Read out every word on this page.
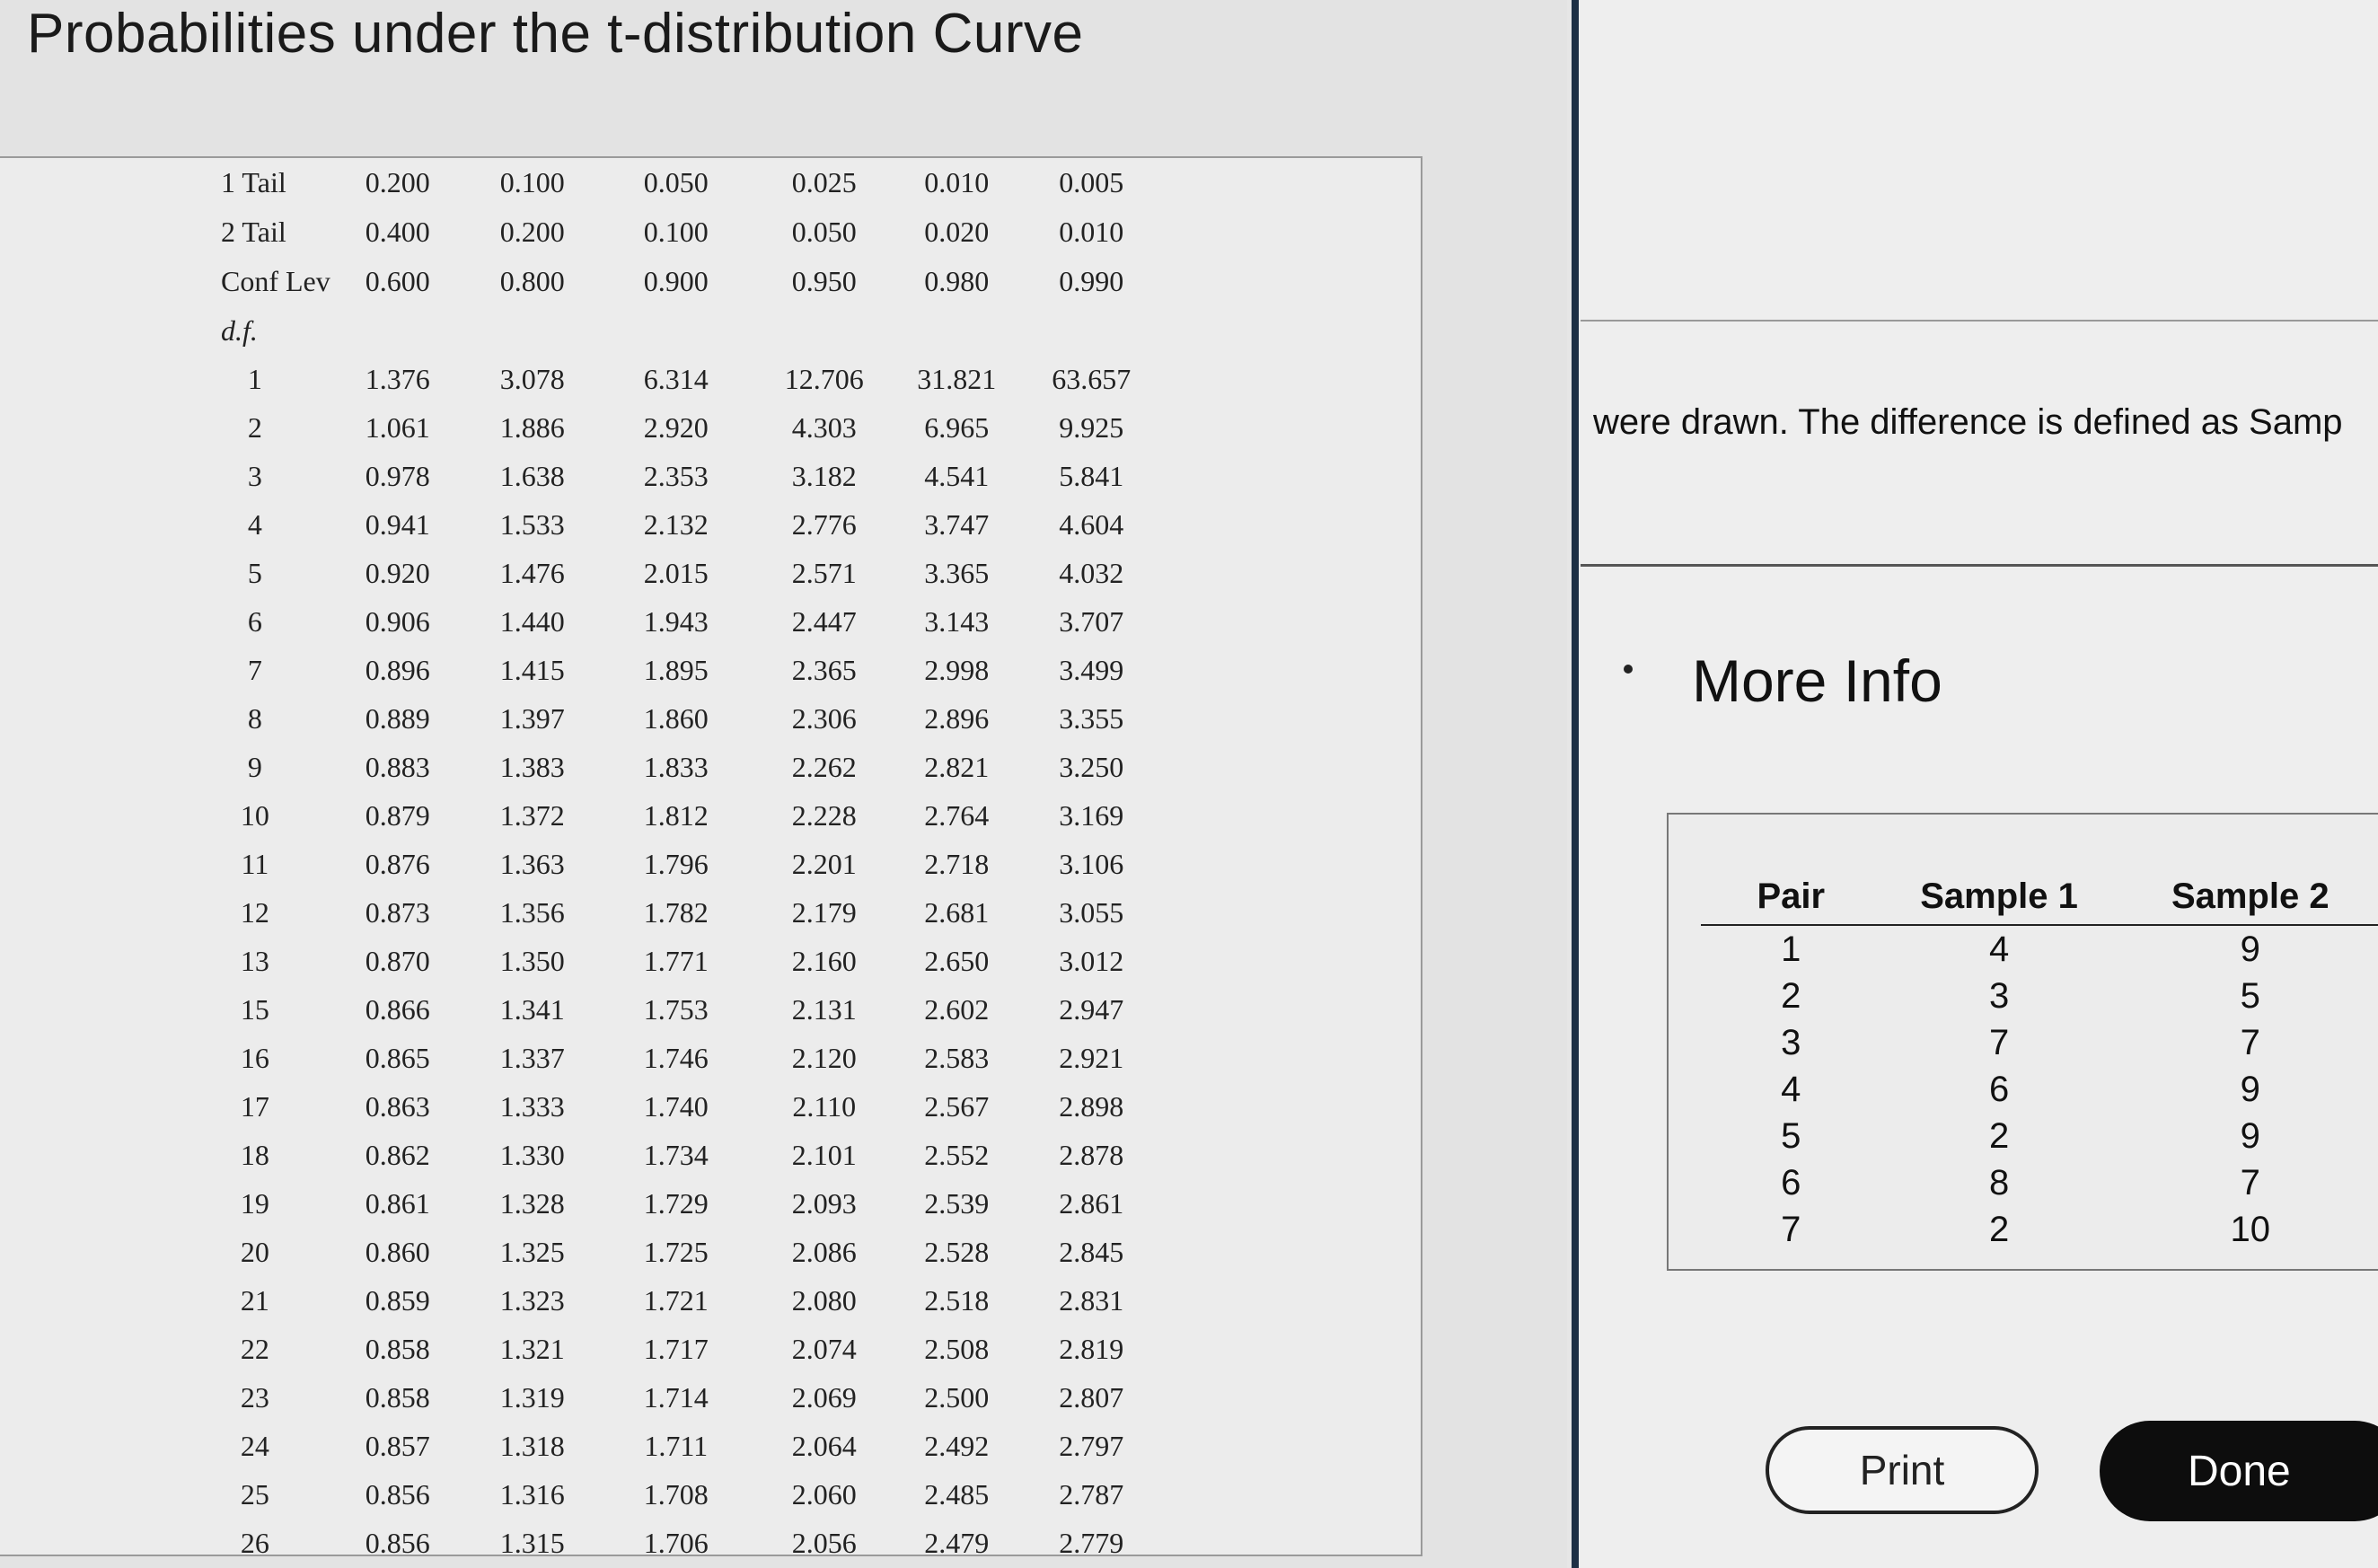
Probabilities under the t-distribution Curve
1 Tail	0.200	0.100	0.050	0.025	0.010	0.005
2 Tail	0.400	0.200	0.100	0.050	0.020	0.010
Conf Lev	0.600	0.800	0.900	0.950	0.980	0.990
d.f.						
1	1.376	3.078	6.314	12.706	31.821	63.657
2	1.061	1.886	2.920	4.303	6.965	9.925
3	0.978	1.638	2.353	3.182	4.541	5.841
4	0.941	1.533	2.132	2.776	3.747	4.604
5	0.920	1.476	2.015	2.571	3.365	4.032
6	0.906	1.440	1.943	2.447	3.143	3.707
7	0.896	1.415	1.895	2.365	2.998	3.499
8	0.889	1.397	1.860	2.306	2.896	3.355
9	0.883	1.383	1.833	2.262	2.821	3.250
10	0.879	1.372	1.812	2.228	2.764	3.169
11	0.876	1.363	1.796	2.201	2.718	3.106
12	0.873	1.356	1.782	2.179	2.681	3.055
13	0.870	1.350	1.771	2.160	2.650	3.012
15	0.866	1.341	1.753	2.131	2.602	2.947
16	0.865	1.337	1.746	2.120	2.583	2.921
17	0.863	1.333	1.740	2.110	2.567	2.898
18	0.862	1.330	1.734	2.101	2.552	2.878
19	0.861	1.328	1.729	2.093	2.539	2.861
20	0.860	1.325	1.725	2.086	2.528	2.845
21	0.859	1.323	1.721	2.080	2.518	2.831
22	0.858	1.321	1.717	2.074	2.508	2.819
23	0.858	1.319	1.714	2.069	2.500	2.807
24	0.857	1.318	1.711	2.064	2.492	2.797
25	0.856	1.316	1.708	2.060	2.485	2.787
26	0.856	1.315	1.706	2.056	2.479	2.779
were drawn. The difference is defined as Samp
More Info
Pair	Sample 1	Sample 2
1	4	9
2	3	5
3	7	7
4	6	9
5	2	9
6	8	7
7	2	10
Print	Done
